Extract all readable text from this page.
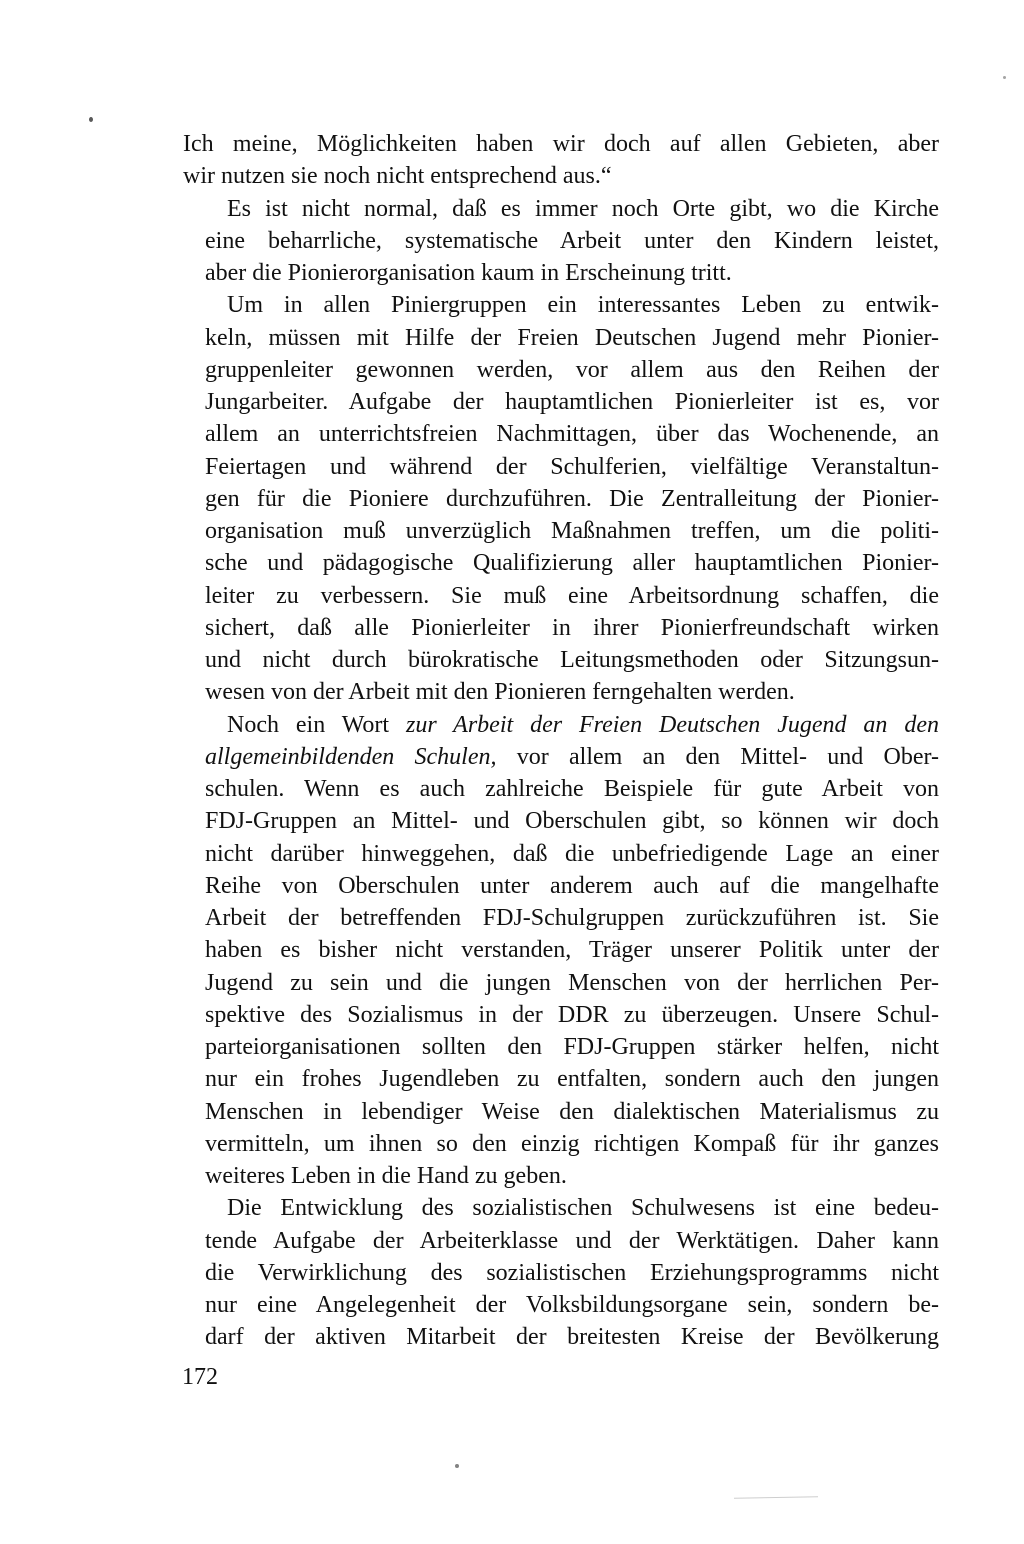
Ich meine, Möglichkeiten haben wir doch auf allen Gebieten, aber
wir nutzen sie noch nicht entsprechend aus.“

Es ist nicht normal, daß es immer noch Orte gibt, wo die Kirche
eine beharrliche, systematische Arbeit unter den Kindern leistet,
aber die Pionierorganisation kaum in Erscheinung tritt.

Um in allen Piniergruppen ein interessantes Leben zu entwik-
keln, müssen mit Hilfe der Freien Deutschen Jugend mehr Pionier-
gruppenleiter gewonnen werden, vor allem aus den Reihen der
Jungarbeiter. Aufgabe der hauptamtlichen Pionierleiter ist es, vor
allem an unterrichtsfreien Nachmittagen, über das Wochenende, an
Feiertagen und während der Schulferien, vielfältige Veranstaltun-
gen für die Pioniere durchzuführen. Die Zentralleitung der Pionier-
organisation muß unverzüglich Maßnahmen treffen, um die politi-
sche und pädagogische Qualifizierung aller hauptamtlichen Pionier-
leiter zu verbessern. Sie muß eine Arbeitsordnung schaffen, die
sichert, daß alle Pionierleiter in ihrer Pionierfreundschaft wirken
und nicht durch bürokratische Leitungsmethoden oder Sitzungsun-
wesen von der Arbeit mit den Pionieren ferngehalten werden.

Noch ein Wort zur Arbeit der Freien Deutschen Jugend an den
allgemeinbildenden Schulen, vor allem an den Mittel- und Ober-
schulen. Wenn es auch zahlreiche Beispiele für gute Arbeit von
FDJ-Gruppen an Mittel- und Oberschulen gibt, so können wir doch
nicht darüber hinweggehen, daß die unbefriedigende Lage an einer
Reihe von Oberschulen unter anderem auch auf die mangelhafte
Arbeit der betreffenden FDJ-Schulgruppen zurückzuführen ist. Sie
haben es bisher nicht verstanden, Träger unserer Politik unter der
Jugend zu sein und die jungen Menschen von der herrlichen Per-
spektive des Sozialismus in der DDR zu überzeugen. Unsere Schul-
parteiorganisationen sollten den FDJ-Gruppen stärker helfen, nicht
nur ein frohes Jugendleben zu entfalten, sondern auch den jungen
Menschen in lebendiger Weise den dialektischen Materialismus zu
vermitteln, um ihnen so den einzig richtigen Kompaß für ihr ganzes
weiteres Leben in die Hand zu geben.

Die Entwicklung des sozialistischen Schulwesens ist eine bedeu-
tende Aufgabe der Arbeiterklasse und der Werktätigen. Daher kann
die Verwirklichung des sozialistischen Erziehungsprogramms nicht
nur eine Angelegenheit der Volksbildungsorgane sein, sondern be-
darf der aktiven Mitarbeit der breitesten Kreise der Bevölkerung

172
